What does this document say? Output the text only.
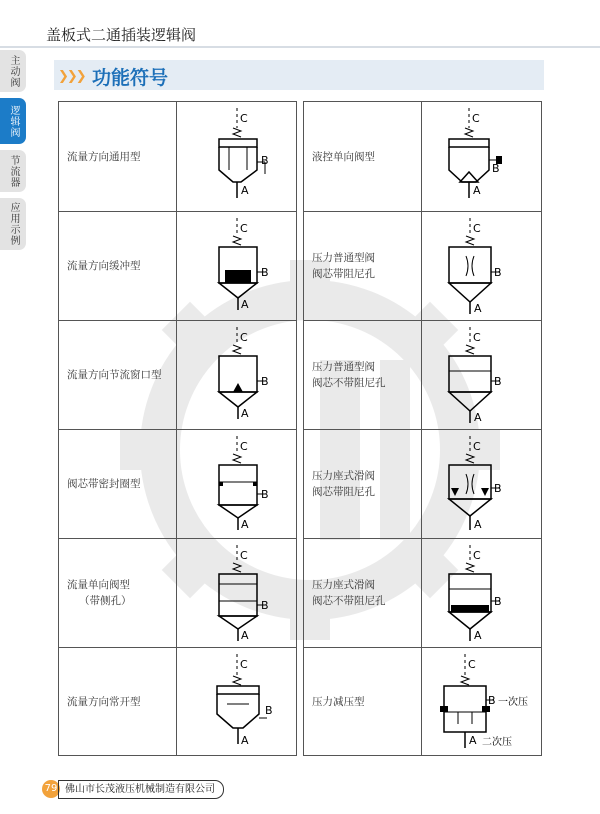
盖板式二通插装逻辑阀
主动阀
逻辑阀
节流器
应用示例
❯❯❯ 功能符号
流量方向通用型
C
B
A
流量方向缓冲型
C
B
A
流量方向节流窗口型
C
B
A
阀芯带密封圈型
C
B
A
流量单向阀型
（带侧孔）
C
B
A
流量方向常开型
C
B
A
液控单向阀型
C
B
A
压力普通型阀
阀芯带阻尼孔
C
B
A
压力普通型阀
阀芯不带阻尼孔
C
B
A
压力座式滑阀
阀芯带阻尼孔
C
B
A
压力座式滑阀
阀芯不带阻尼孔
C
B
A
压力减压型
C
B 一次压
A 二次压
79 佛山市长茂液压机械制造有限公司
